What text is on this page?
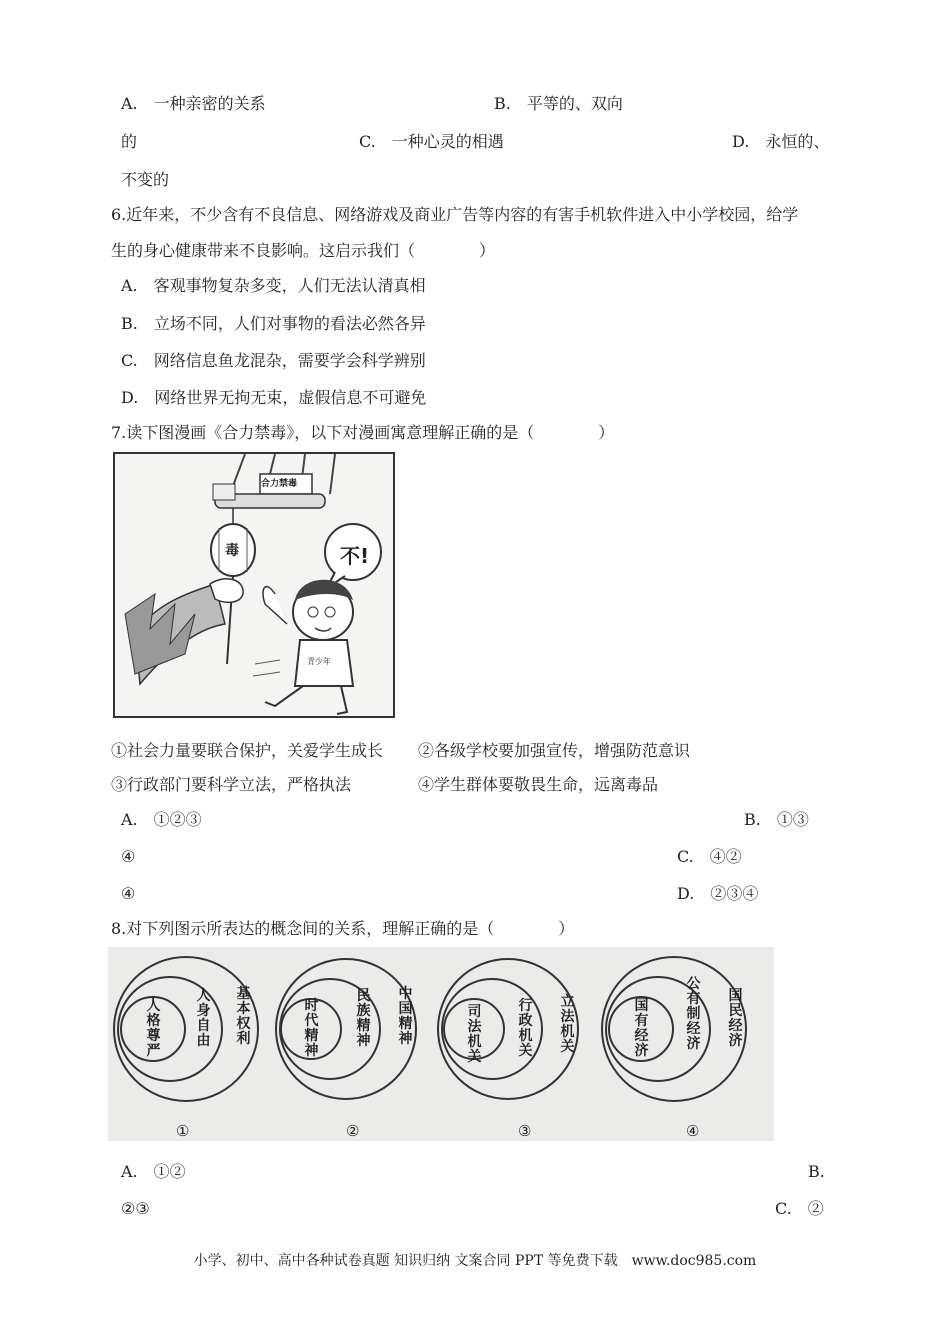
A.　一种亲密的关系	B.　平等的、双向
的	C.　一种心灵的相遇	D.　永恒的、
不变的
6.近年来，不少含有不良信息、网络游戏及商业广告等内容的有害手机软件进入中小学校园，给学
生的身心健康带来不良影响。这启示我们（　　　　）
A.　客观事物复杂多变，人们无法认清真相
B.　立场不同，人们对事物的看法必然各异
C.　网络信息鱼龙混杂，需要学会科学辨别
D.　网络世界无拘无束，虚假信息不可避免
7.读下图漫画《合力禁毒》，以下对漫画寓意理解正确的是（　　　　）
合力禁毒
毒	不!
青少年
①社会力量要联合保护，关爱学生成长 ②各级学校要加强宣传，增强防范意识
③行政部门要科学立法，严格执法	④学生群体要敬畏生命，远离毒品
A.　①②③	B.　①③
④	C.　④②
④	D.　②③④
8.对下列图示所表达的概念间的关系，理解正确的是（　　　　）
人格尊严
人身自由
基本权利
①
时代精神
民族精神
中国精神
②
司法机关
行政机关
立法机关
③
国有经济
公有制经济
国民经济
④
A.　①②	B.
②③	C.　②
小学、初中、高中各种试卷真题 知识归纳 文案合同 PPT 等免费下载　www.doc985.com
